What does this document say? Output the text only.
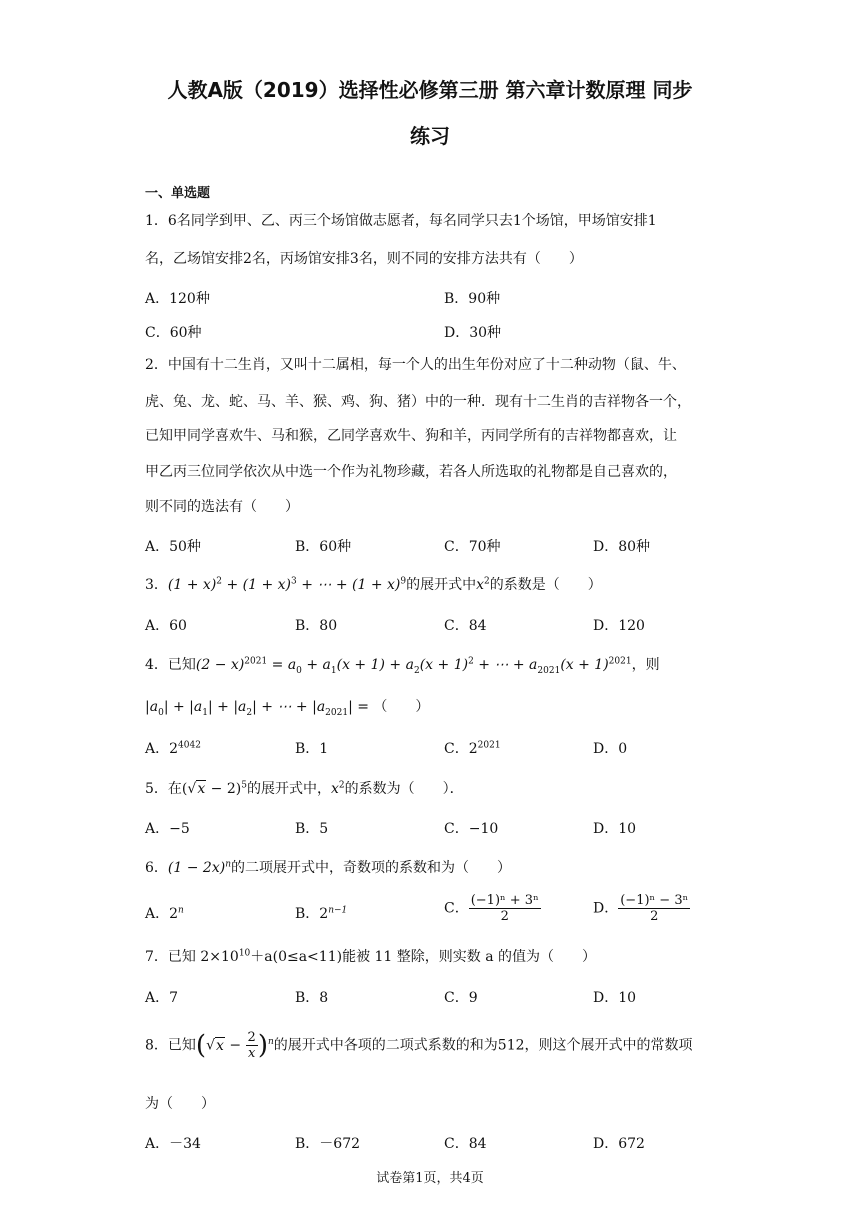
人教A版（2019）选择性必修第三册 第六章计数原理 同步
练习
一、单选题
1．6名同学到甲、乙、丙三个场馆做志愿者，每名同学只去1个场馆，甲场馆安排1
名，乙场馆安排2名，丙场馆安排3名，则不同的安排方法共有（　　）
A．120种	B．90种
C．60种	D．30种
2．中国有十二生肖，又叫十二属相，每一个人的出生年份对应了十二种动物（鼠、牛、
虎、兔、龙、蛇、马、羊、猴、鸡、狗、猪）中的一种．现有十二生肖的吉祥物各一个，
已知甲同学喜欢牛、马和猴，乙同学喜欢牛、狗和羊，丙同学所有的吉祥物都喜欢，让
甲乙丙三位同学依次从中选一个作为礼物珍藏，若各人所选取的礼物都是自己喜欢的，
则不同的选法有（　　）
A．50种	B．60种	C．70种	D．80种
3．$(1 + x)^2 + (1 + x)^3$ + ⋯ + $(1 + x)^9$的展开式中$x^2$的系数是（　　）
A．60	B．80	C．84	D．120
4．已知$(2 - x)^{2021} = a_0 + a_1(x + 1) + a_2(x + 1)^2$ + ⋯ + $a_{2021}(x + 1)^{2021}$，则
$|a_0| + |a_1| + |a_2|$ + ⋯ + $|a_{2021}|$ = （　　）
A．$2^{4042}$	B．1	C．$2^{2021}$	D．0
5．在$(√x - 2)^5$的展开式中，$x^2$的系数为（　　）．
A．−5	B．5	C．−10	D．10
6．$(1 - 2x)^n$的二项展开式中，奇数项的系数和为（　　）
A．2$^n$	B．$2^{n-1}$	C． $\frac{\text{(−1)ⁿ + 3ⁿ}}{2}$	D． $\frac{\text{(−1)ⁿ − 3ⁿ}}{2}$
7．已知 $2\times 10^{10}+a(0\le a<11)$能被 11 整除，则实数 a 的值为（　　）
A．7	B．8	C．9	D．10
8．已知$(√x - \frac{2}{x} )^n$的展开式中各项的二项式系数的和为512，则这个展开式中的常数项
为（　　）
A．－34	B．－672	C．84	D．672
试卷第1页，共4页
